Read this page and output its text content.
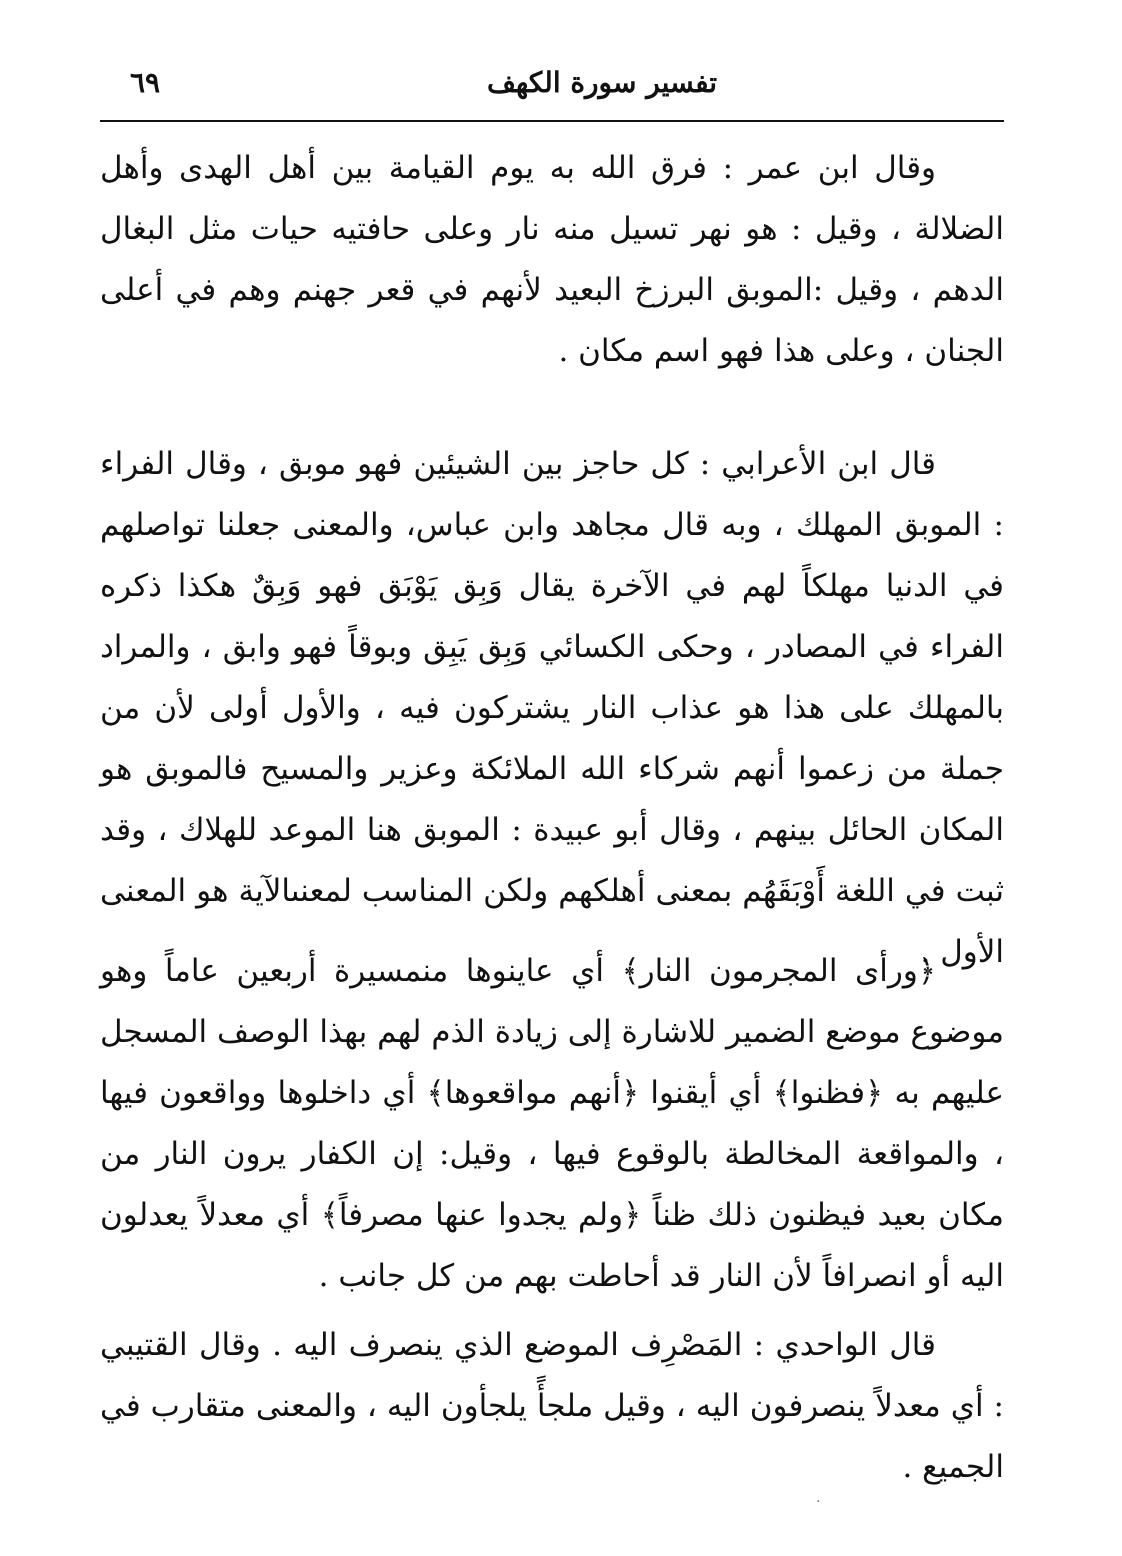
٦٩	تفسير سورة الكهف

وقال ابن عمر : فرق الله به يوم القيامة بين أهل الهدى وأهل الضلالة ، وقيل : هو نهر تسيل منه نار وعلى حافتيه حيات مثل البغال الدهم ، وقيل :الموبق البرزخ البعيد لأنهم في قعر جهنم وهم في أعلى الجنان ، وعلى هذا فهو اسم مكان .

قال ابن الأعرابي : كل حاجز بين الشيئين فهو موبق ، وقال الفراء : الموبق المهلك ، وبه قال مجاهد وابن عباس، والمعنى جعلنا تواصلهم في الدنيا مهلكاً لهم في الآخرة يقال وَبِق يَوْبَق فهو وَبِقٌ هكذا ذكره الفراء في المصادر ، وحكى الكسائي وَبِق يَبِق وبوقاً فهو وابق ، والمراد بالمهلك على هذا هو عذاب النار يشتركون فيه ، والأول أولى لأن من جملة من زعموا أنهم شركاء الله الملائكة وعزير والمسيح فالموبق هو المكان الحائل بينهم ، وقال أبو عبيدة : الموبق هنا الموعد للهلاك ، وقد ثبت في اللغة أَوْبَقَهُم بمعنى أهلكهم ولكن المناسب لمعنىالآية هو المعنى الأول .

﴿ورأى المجرمون النار﴾ أي عاينوها منمسيرة أربعين عاماً وهو موضوع موضع الضمير للاشارة إلى زيادة الذم لهم بهذا الوصف المسجل عليهم به ﴿فظنوا﴾ أي أيقنوا ﴿أنهم مواقعوها﴾ أي داخلوها وواقعون فيها ، والمواقعة المخالطة بالوقوع فيها ، وقيل: إن الكفار يرون النار من مكان بعيد فيظنون ذلك ظناً ﴿ولم يجدوا عنها مصرفاً﴾ أي معدلاً يعدلون اليه أو انصرافاً لأن النار قد أحاطت بهم من كل جانب .

قال الواحدي : المَصْرِف الموضع الذي ينصرف اليه . وقال القتيبي : أي معدلاً ينصرفون اليه ، وقيل ملجأً يلجأون اليه ، والمعنى متقارب في الجميع .

·
